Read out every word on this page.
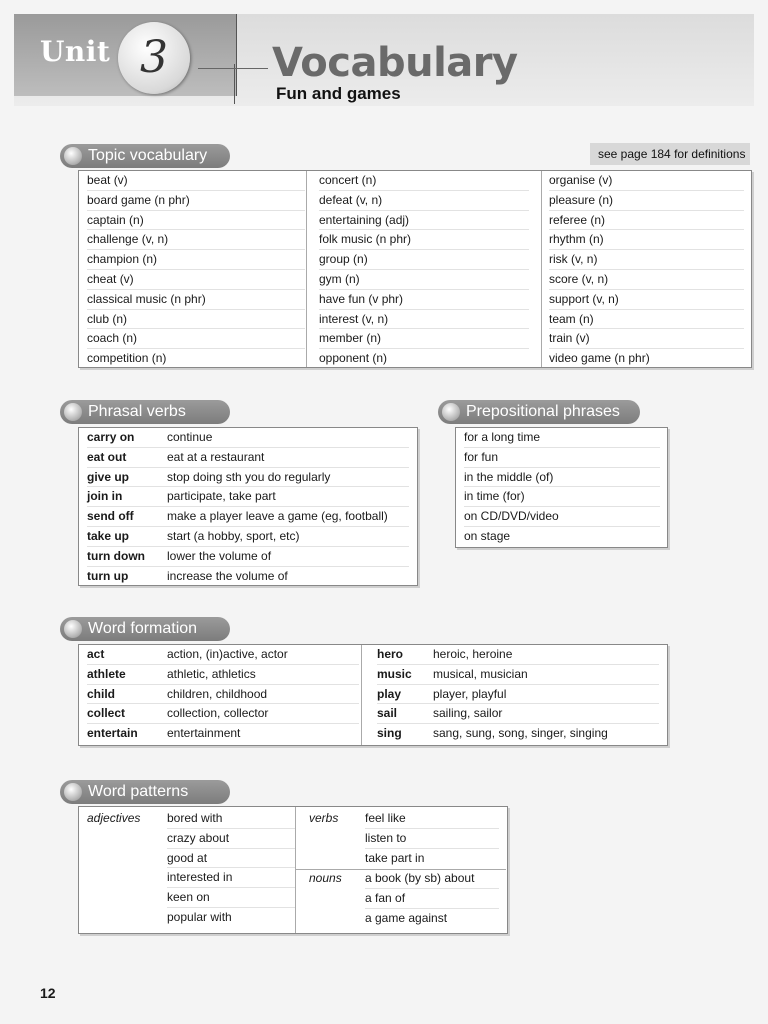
Unit 3	Vocabulary
Fun and games
Topic vocabulary	see page 184 for definitions
beat (v)
board game (n phr)
captain (n)
challenge (v, n)
champion (n)
cheat (v)
classical music (n phr)
club (n)
coach (n)
competition (n)
concert (n)
defeat (v, n)
entertaining (adj)
folk music (n phr)
group (n)
gym (n)
have fun (v phr)
interest (v, n)
member (n)
opponent (n)
organise (v)
pleasure (n)
referee (n)
rhythm (n)
risk (v, n)
score (v, n)
support (v, n)
team (n)
train (v)
video game (n phr)
Phrasal verbs
carry on	continue
eat out	eat at a restaurant
give up	stop doing sth you do regularly
join in	participate, take part
send off	make a player leave a game (eg, football)
take up	start (a hobby, sport, etc)
turn down lower the volume of
turn up	increase the volume of
Prepositional phrases
for a long time
for fun
in the middle (of)
in time (for)
on CD/DVD/video
on stage
Word formation
act	action, (in)active, actor
athlete	athletic, athletics
child	children, childhood
collect	collection, collector
entertain entertainment
hero heroic, heroine
music musical, musician
play	player, playful
sail	sailing, sailor
sing	sang, sung, song, singer, singing
Word patterns
adjectives bored with
crazy about
good at
interested in
keen on
popular with
verbs feel like
listen to
take part in
nouns a book (by sb) about
a fan of
a game against
12
